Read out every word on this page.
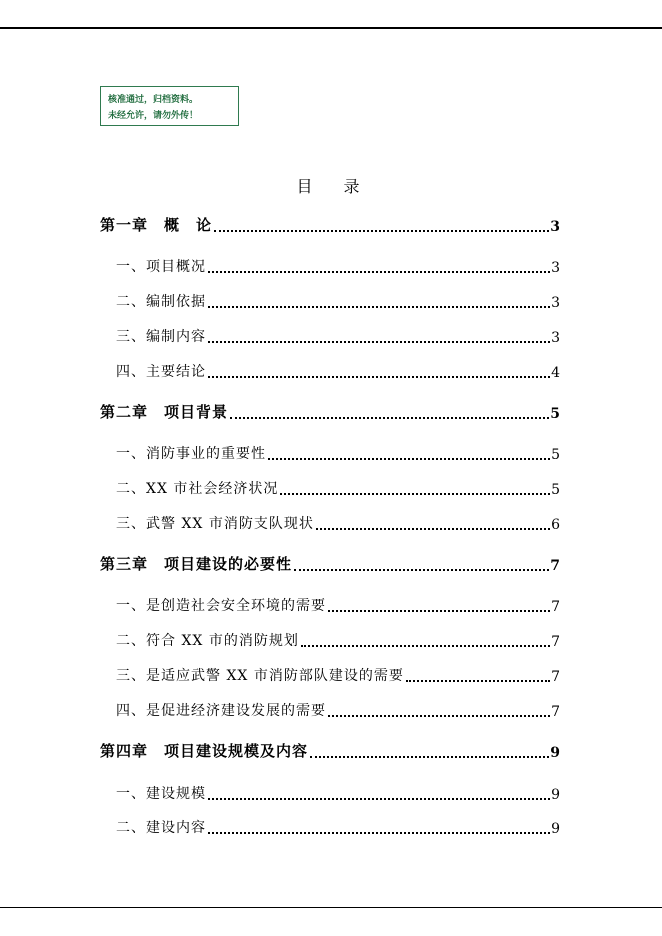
核准通过，归档资料。
未经允许，请勿外传！
目 录
第一章　概　论	3
一、项目概况	3
二、编制依据	3
三、编制内容	3
四、主要结论	4
第二章　项目背景	5
一、消防事业的重要性	5
二、XX 市社会经济状况	5
三、武警 XX 市消防支队现状	6
第三章　项目建设的必要性	7
一、是创造社会安全环境的需要	7
二、符合 XX 市的消防规划	7
三、是适应武警 XX 市消防部队建设的需要	7
四、是促进经济建设发展的需要	7
第四章　项目建设规模及内容	9
一、建设规模	9
二、建设内容	9
